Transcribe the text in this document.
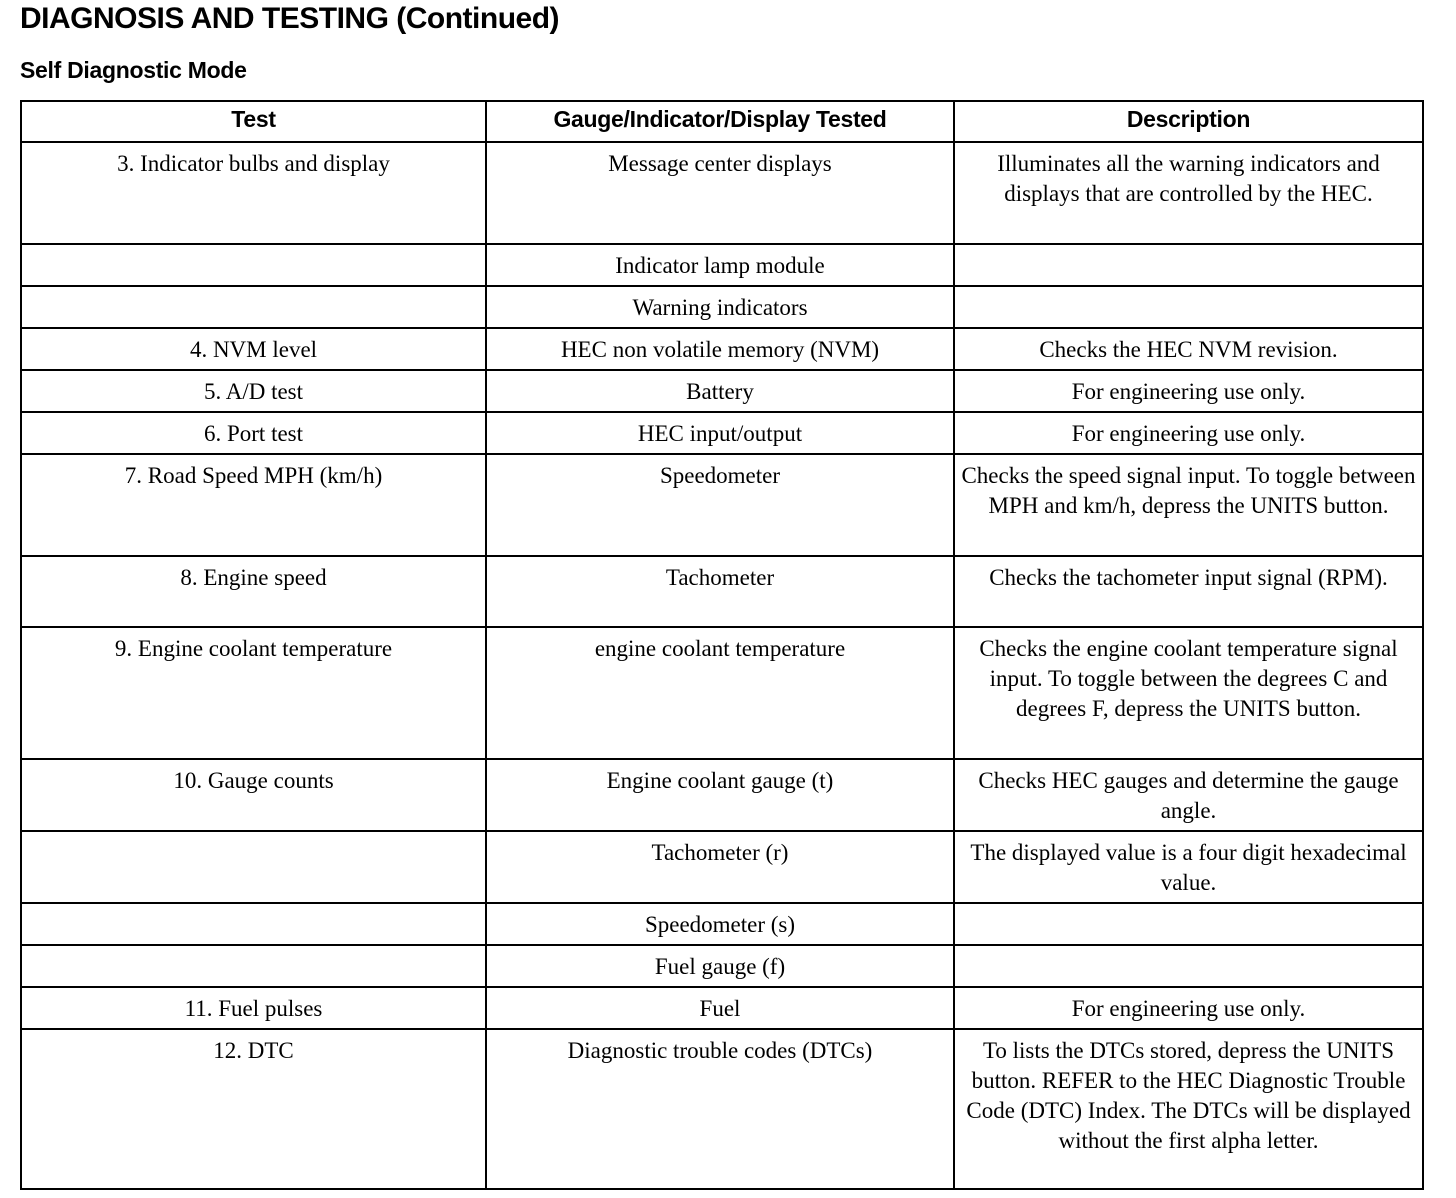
DIAGNOSIS AND TESTING (Continued)
Self Diagnostic Mode
Test	Gauge/Indicator/Display Tested	Description
3. Indicator bulbs and display	Message center displays	Illuminates all the warning indicators and displays that are controlled by the HEC.
	Indicator lamp module	
	Warning indicators	
4. NVM level	HEC non volatile memory (NVM)	Checks the HEC NVM revision.
5. A/D test	Battery	For engineering use only.
6. Port test	HEC input/output	For engineering use only.
7. Road Speed MPH (km/h)	Speedometer	Checks the speed signal input. To toggle between MPH and km/h, depress the UNITS button.
8. Engine speed	Tachometer	Checks the tachometer input signal (RPM).
9. Engine coolant temperature	engine coolant temperature	Checks the engine coolant temperature signal input. To toggle between the degrees C and degrees F, depress the UNITS button.
10. Gauge counts	Engine coolant gauge (t)	Checks HEC gauges and determine the gauge angle.
	Tachometer (r)	The displayed value is a four digit hexadecimal value.
	Speedometer (s)	
	Fuel gauge (f)	
11. Fuel pulses	Fuel	For engineering use only.
12. DTC	Diagnostic trouble codes (DTCs)	To lists the DTCs stored, depress the UNITS button. REFER to the HEC Diagnostic Trouble Code (DTC) Index. The DTCs will be displayed without the first alpha letter.
